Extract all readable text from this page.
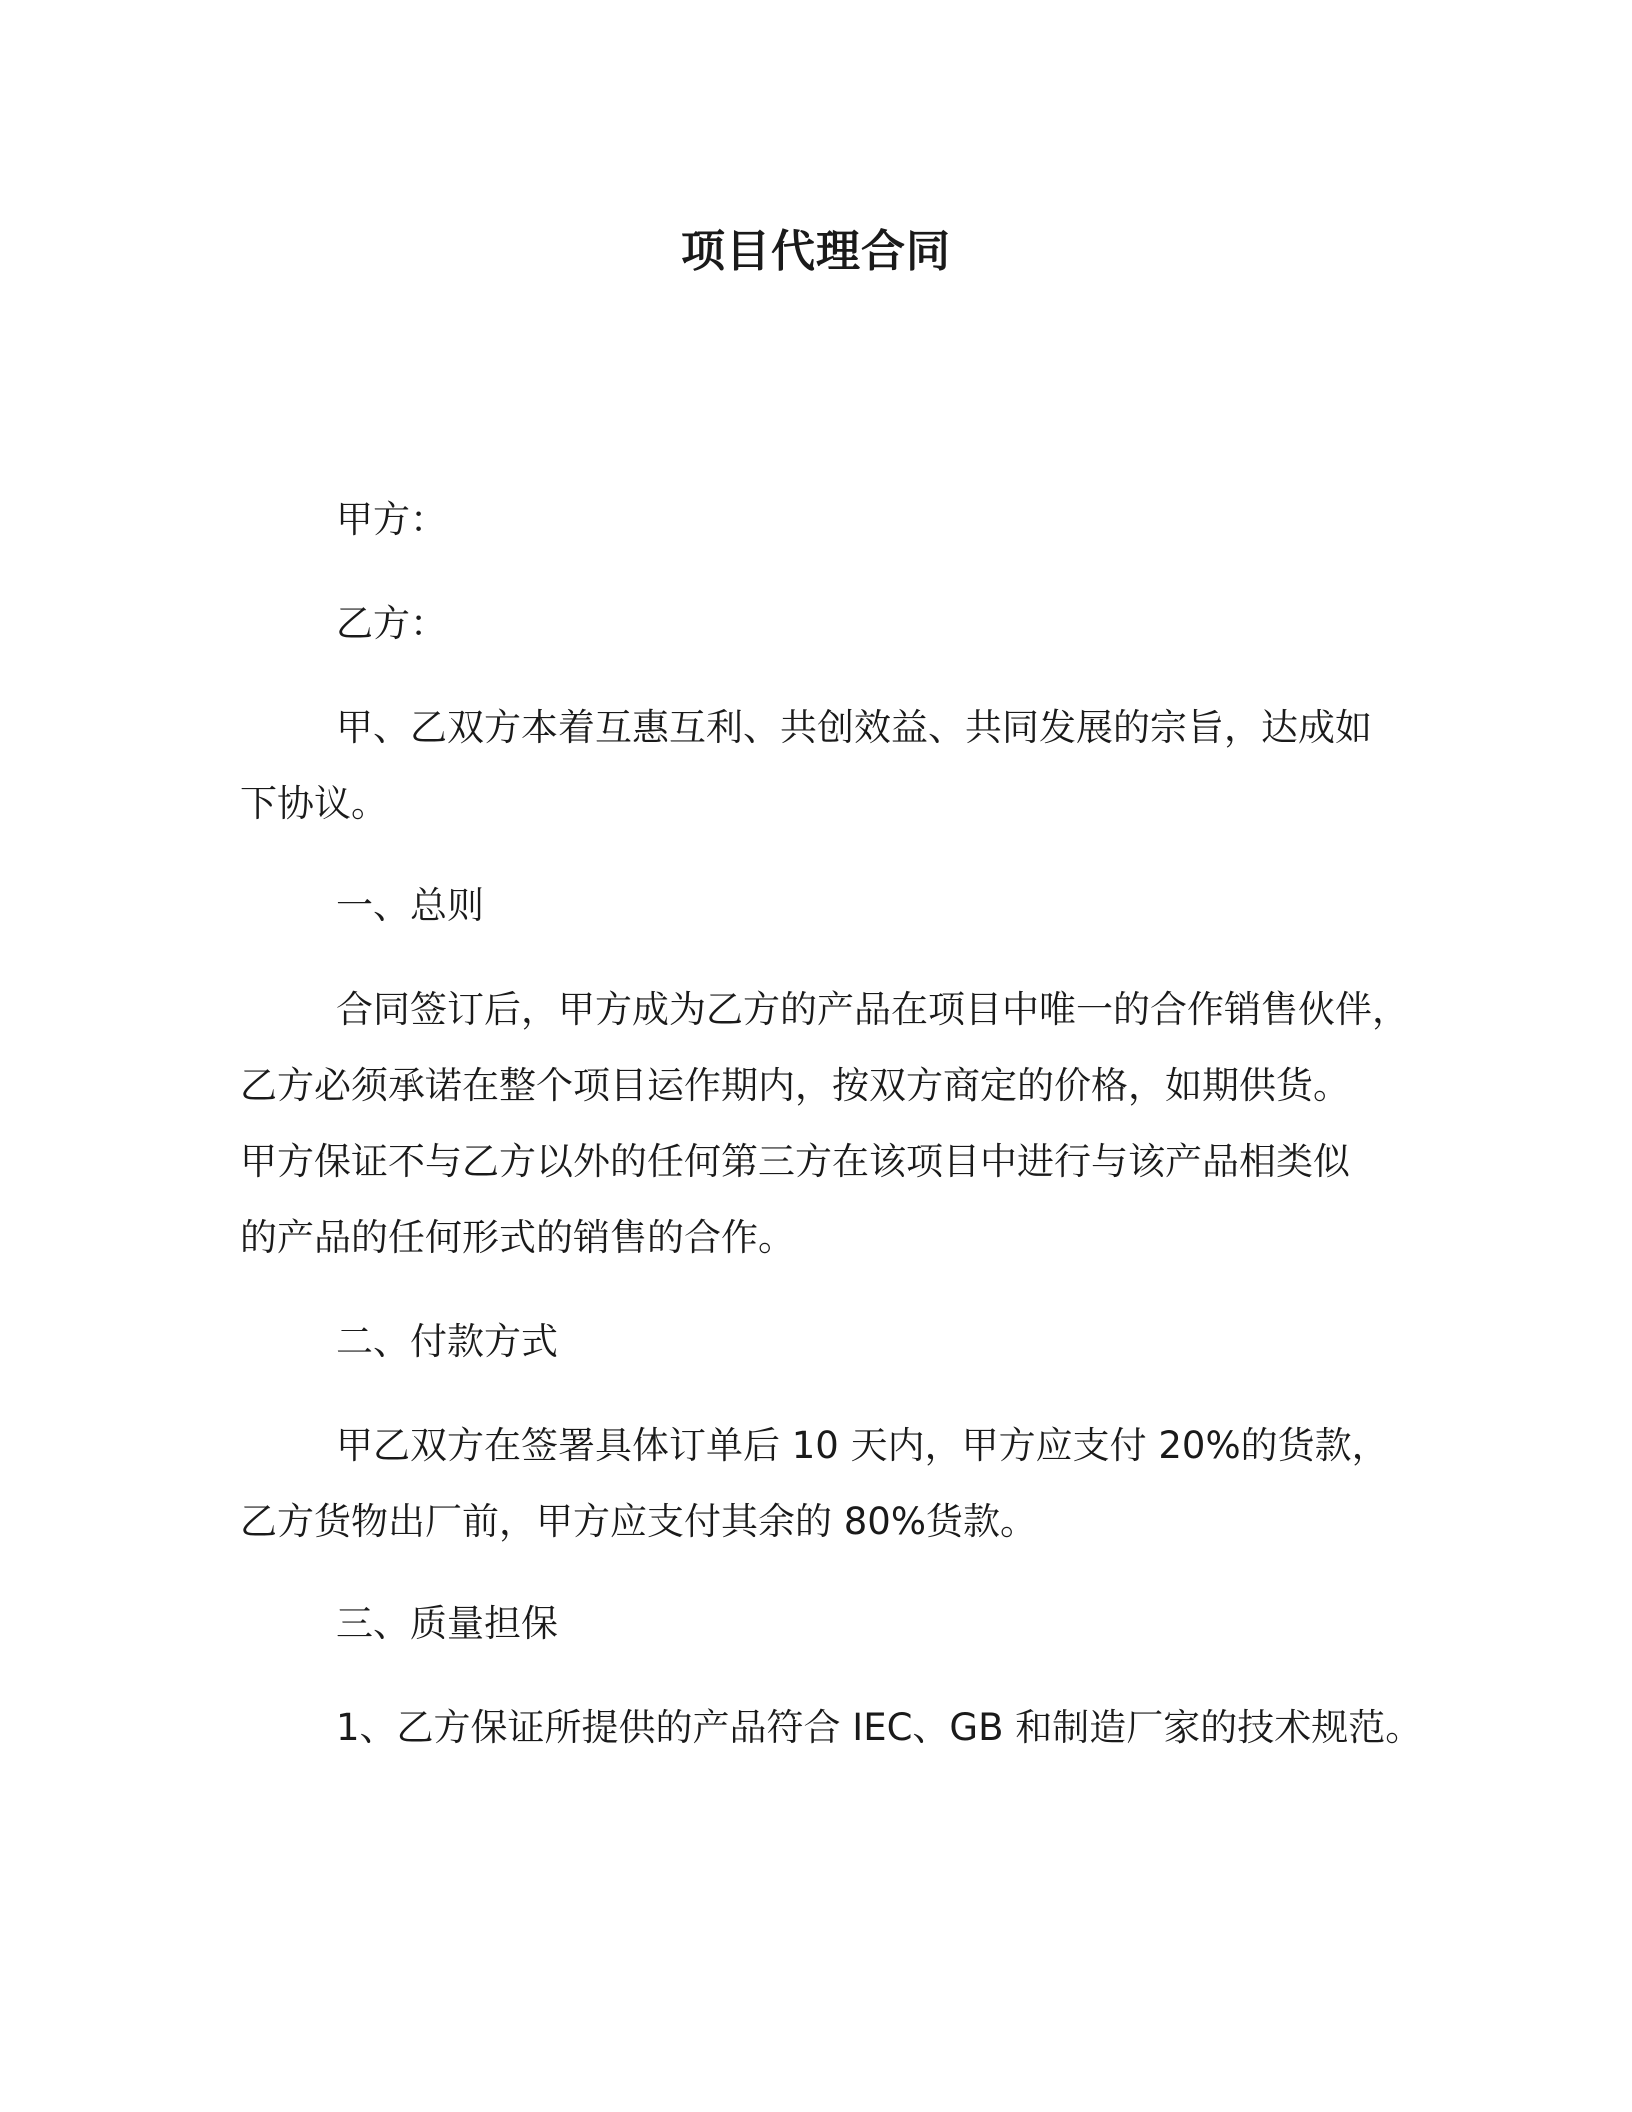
项目代理合同
甲方：
乙方：
甲、乙双方本着互惠互利、共创效益、共同发展的宗旨，达成如
下协议。
一、总则
合同签订后，甲方成为乙方的产品在项目中唯一的合作销售伙伴，
乙方必须承诺在整个项目运作期内，按双方商定的价格，如期供货。
甲方保证不与乙方以外的任何第三方在该项目中进行与该产品相类似
的产品的任何形式的销售的合作。
二、付款方式
甲乙双方在签署具体订单后 10 天内，甲方应支付 20%的货款，
乙方货物出厂前，甲方应支付其余的 80%货款。
三、质量担保
1、乙方保证所提供的产品符合 IEC、GB 和制造厂家的技术规范。
